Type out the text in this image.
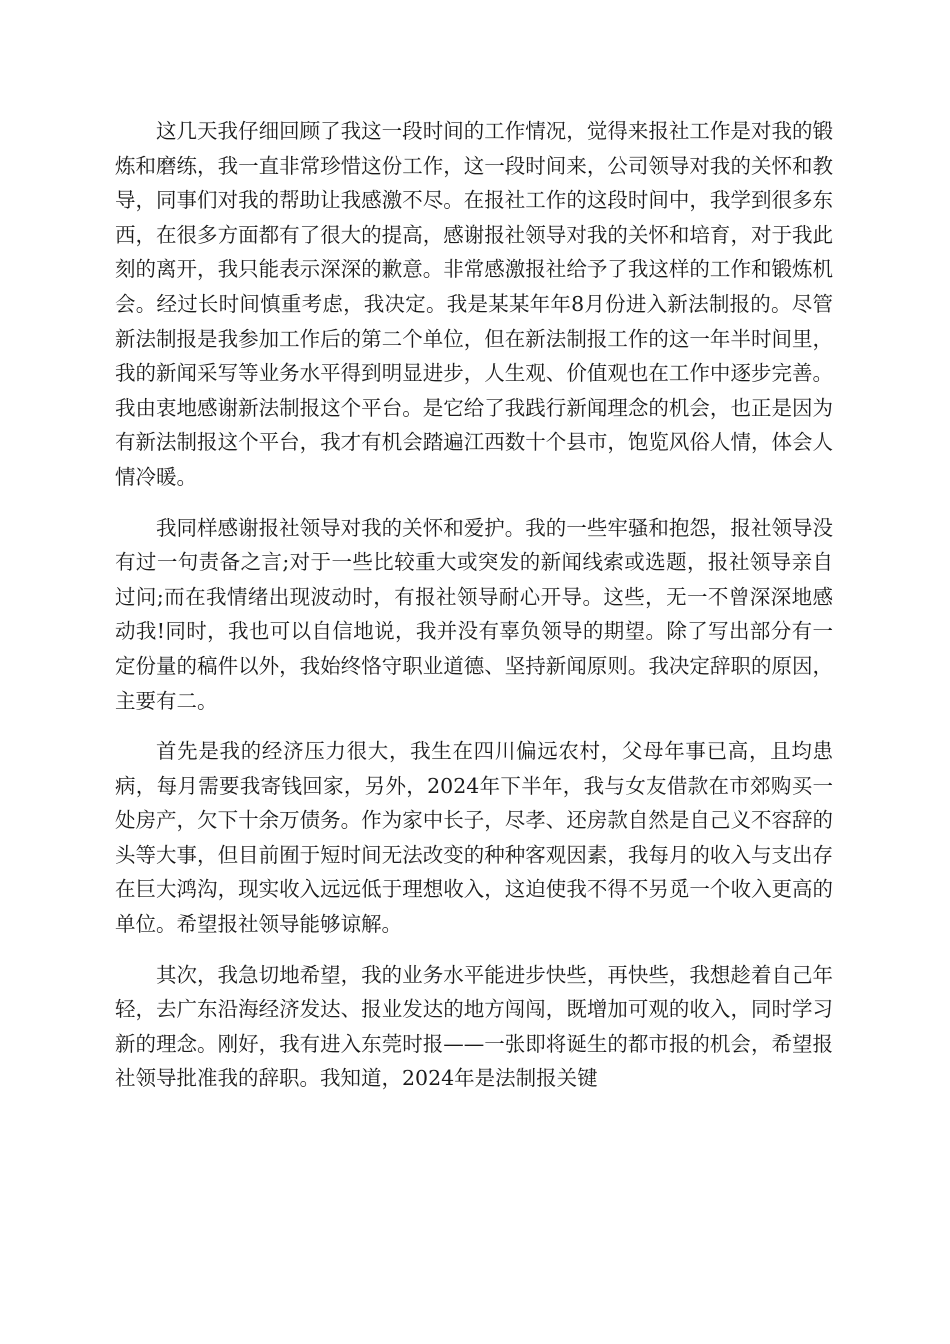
这几天我仔细回顾了我这一段时间的工作情况，觉得来报社工作是对我的锻炼和磨练，我一直非常珍惜这份工作，这一段时间来，公司领导对我的关怀和教导，同事们对我的帮助让我感激不尽。在报社工作的这段时间中，我学到很多东西，在很多方面都有了很大的提高，感谢报社领导对我的关怀和培育，对于我此刻的离开，我只能表示深深的歉意。非常感激报社给予了我这样的工作和锻炼机会。经过长时间慎重考虑，我决定。我是某某年年8月份进入新法制报的。尽管新法制报是我参加工作后的第二个单位，但在新法制报工作的这一年半时间里，我的新闻采写等业务水平得到明显进步，人生观、价值观也在工作中逐步完善。我由衷地感谢新法制报这个平台。是它给了我践行新闻理念的机会，也正是因为有新法制报这个平台，我才有机会踏遍江西数十个县市，饱览风俗人情，体会人情冷暖。

我同样感谢报社领导对我的关怀和爱护。我的一些牢骚和抱怨，报社领导没有过一句责备之言;对于一些比较重大或突发的新闻线索或选题，报社领导亲自过问;而在我情绪出现波动时，有报社领导耐心开导。这些，无一不曾深深地感动我!同时，我也可以自信地说，我并没有辜负领导的期望。除了写出部分有一定份量的稿件以外，我始终恪守职业道德、坚持新闻原则。我决定辞职的原因，主要有二。

首先是我的经济压力很大，我生在四川偏远农村，父母年事已高，且均患病，每月需要我寄钱回家，另外，2024年下半年，我与女友借款在市郊购买一处房产，欠下十余万债务。作为家中长子，尽孝、还房款自然是自己义不容辞的头等大事，但目前囿于短时间无法改变的种种客观因素，我每月的收入与支出存在巨大鸿沟，现实收入远远低于理想收入，这迫使我不得不另觅一个收入更高的单位。希望报社领导能够谅解。

其次，我急切地希望，我的业务水平能进步快些，再快些，我想趁着自己年轻，去广东沿海经济发达、报业发达的地方闯闯，既增加可观的收入，同时学习新的理念。刚好，我有进入东莞时报——一张即将诞生的都市报的机会，希望报社领导批准我的辞职。我知道，2024年是法制报关键
